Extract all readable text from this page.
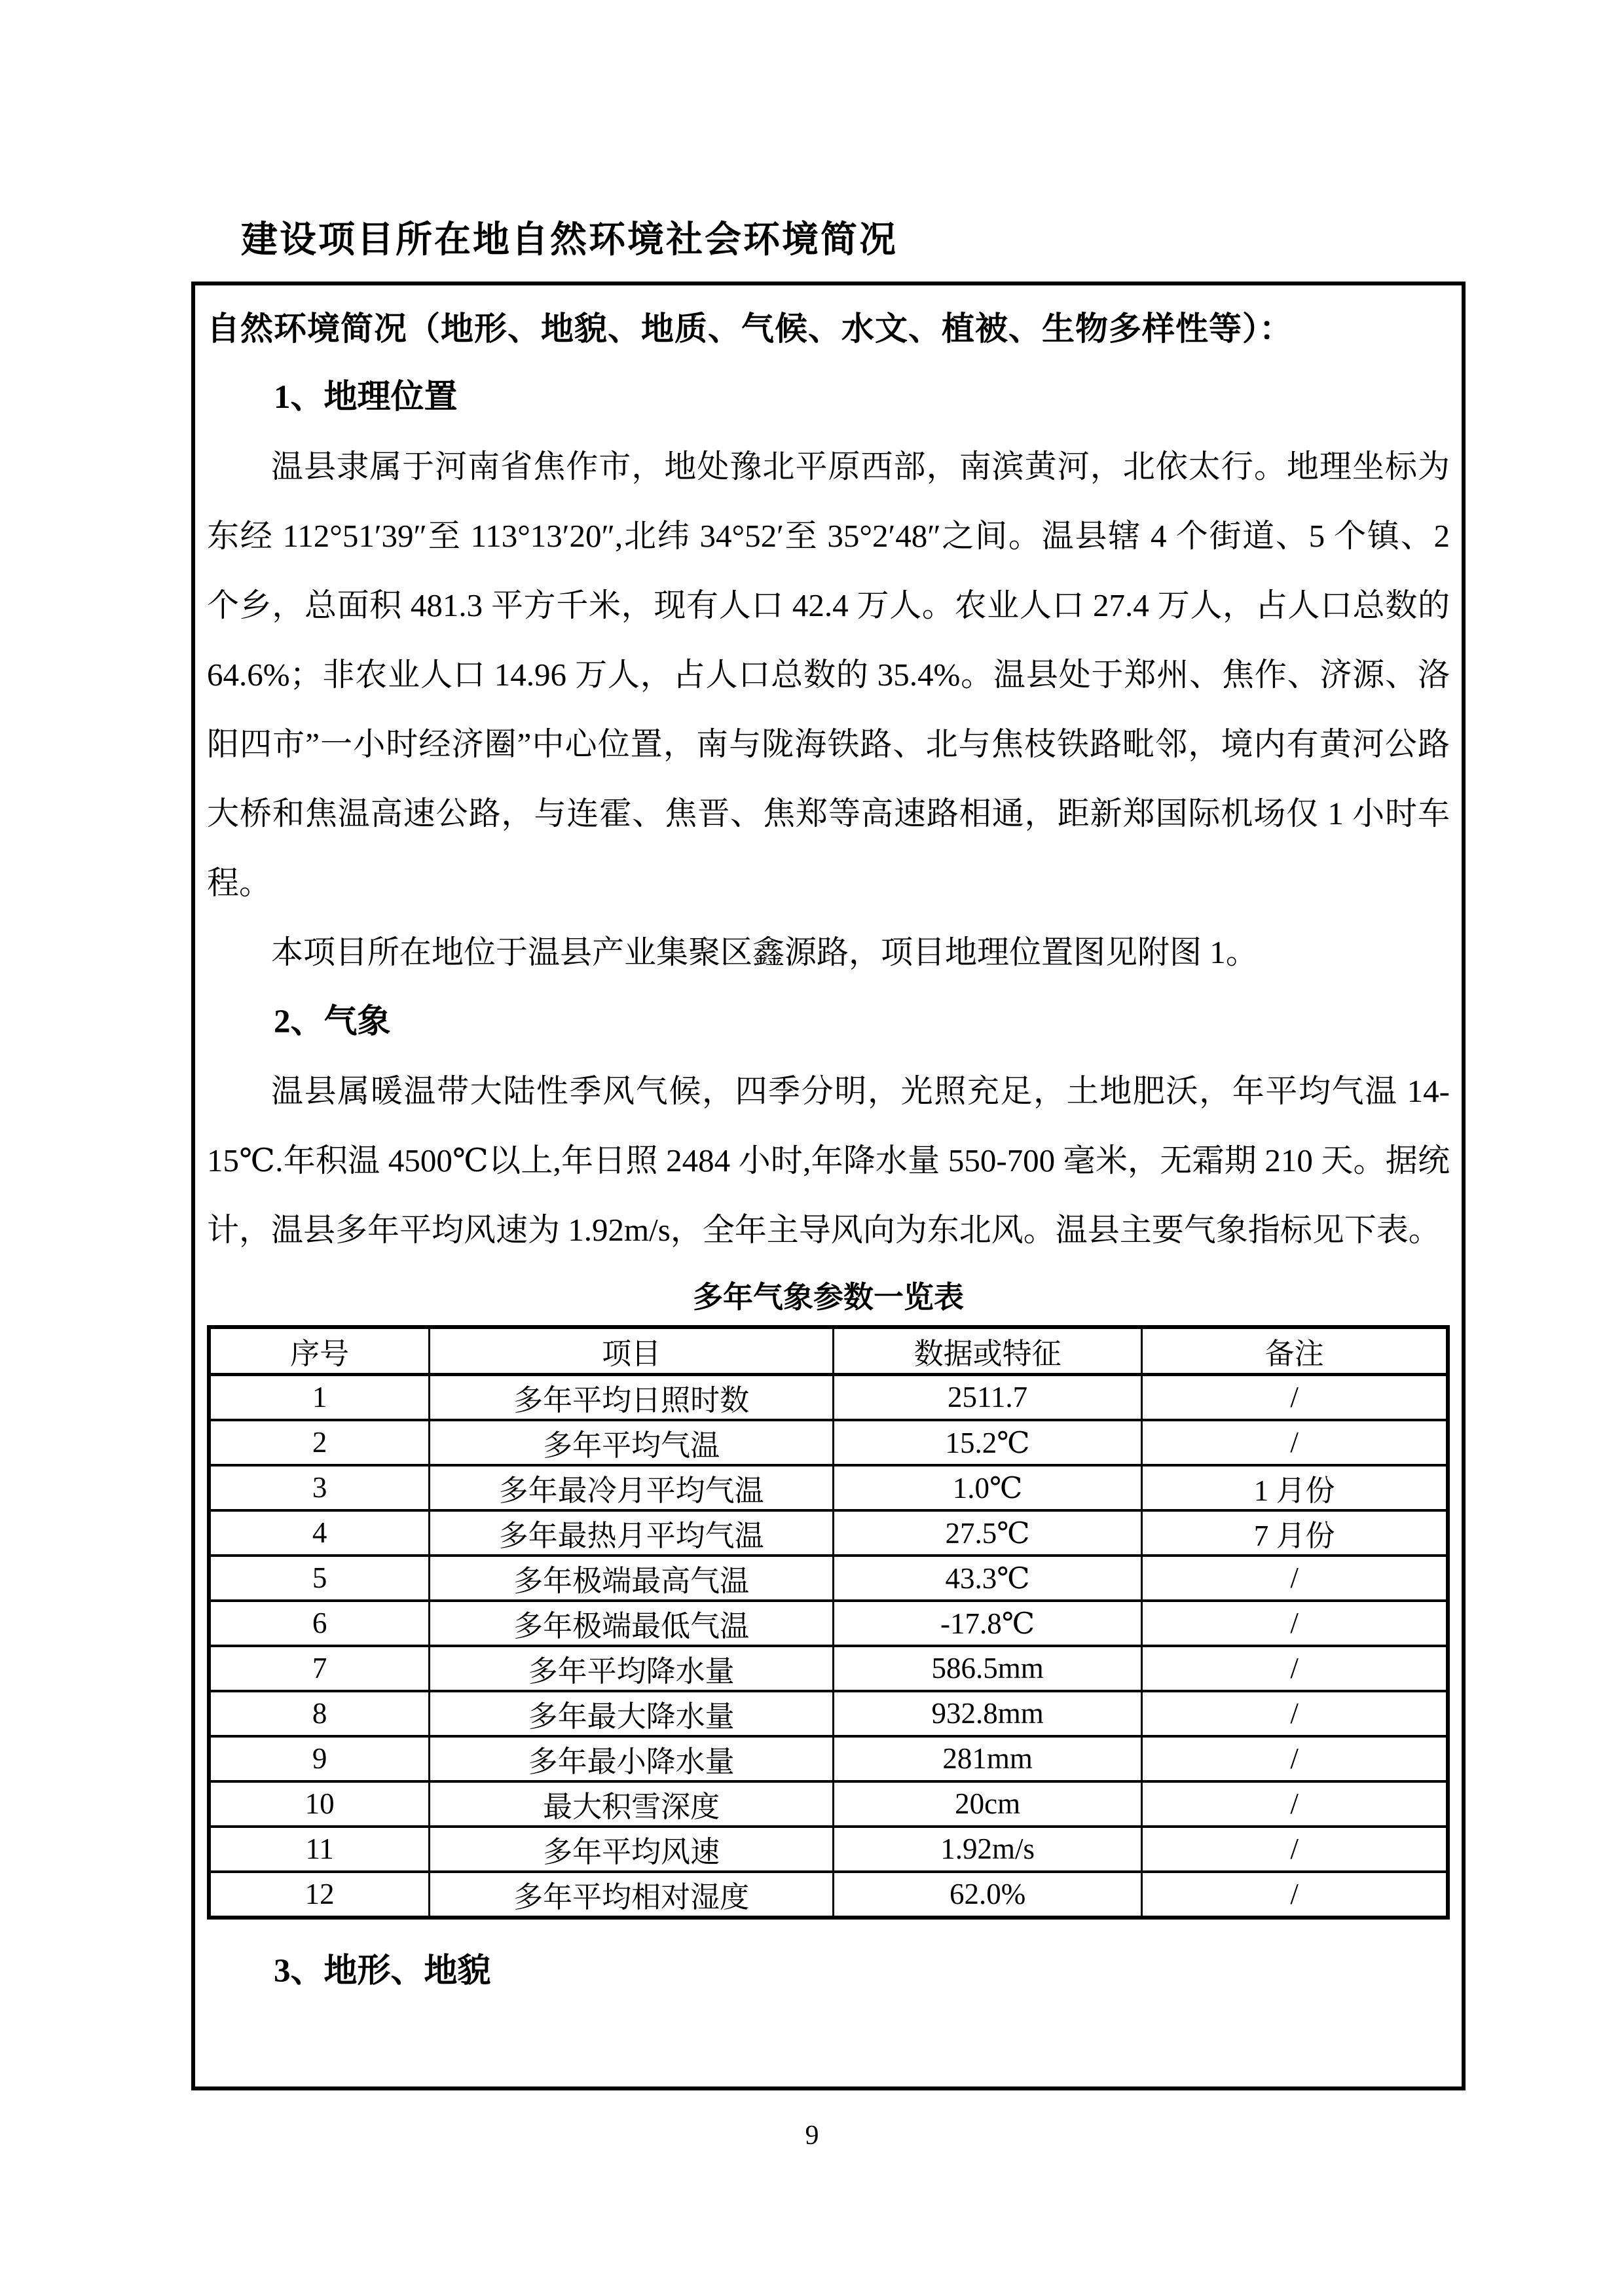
建设项目所在地自然环境社会环境简况
自然环境简况（地形、地貌、地质、气候、水文、植被、生物多样性等）：
1、地理位置

温县隶属于河南省焦作市，地处豫北平原西部，南滨黄河，北依太行。地理坐标为东经 112°51′39″至 113°13′20″,北纬 34°52′至 35°2′48″之间。温县辖 4 个街道、5 个镇、2 个乡，总面积 481.3 平方千米，现有人口 42.4 万人。农业人口 27.4 万人，占人口总数的 64.6%；非农业人口 14.96 万人，占人口总数的 35.4%。温县处于郑州、焦作、济源、洛阳四市”一小时经济圈”中心位置，南与陇海铁路、北与焦枝铁路毗邻，境内有黄河公路大桥和焦温高速公路，与连霍、焦晋、焦郑等高速路相通，距新郑国际机场仅 1 小时车程。

本项目所在地位于温县产业集聚区鑫源路，项目地理位置图见附图 1。

2、气象

温县属暖温带大陆性季风气候，四季分明，光照充足，土地肥沃，年平均气温 14-15℃.年积温 4500℃以上,年日照 2484 小时,年降水量 550-700 毫米，无霜期 210 天。据统计，温县多年平均风速为 1.92m/s，全年主导风向为东北风。温县主要气象指标见下表。

多年气象参数一览表
序号	项目	数据或特征	备注
1	多年平均日照时数	2511.7	/
2	多年平均气温	15.2℃	/
3	多年最冷月平均气温	1.0℃	1 月份
4	多年最热月平均气温	27.5℃	7 月份
5	多年极端最高气温	43.3℃	/
6	多年极端最低气温	-17.8℃	/
7	多年平均降水量	586.5mm	/
8	多年最大降水量	932.8mm	/
9	多年最小降水量	281mm	/
10	最大积雪深度	20cm	/
11	多年平均风速	1.92m/s	/
12	多年平均相对湿度	62.0%	/
3、地形、地貌
9
